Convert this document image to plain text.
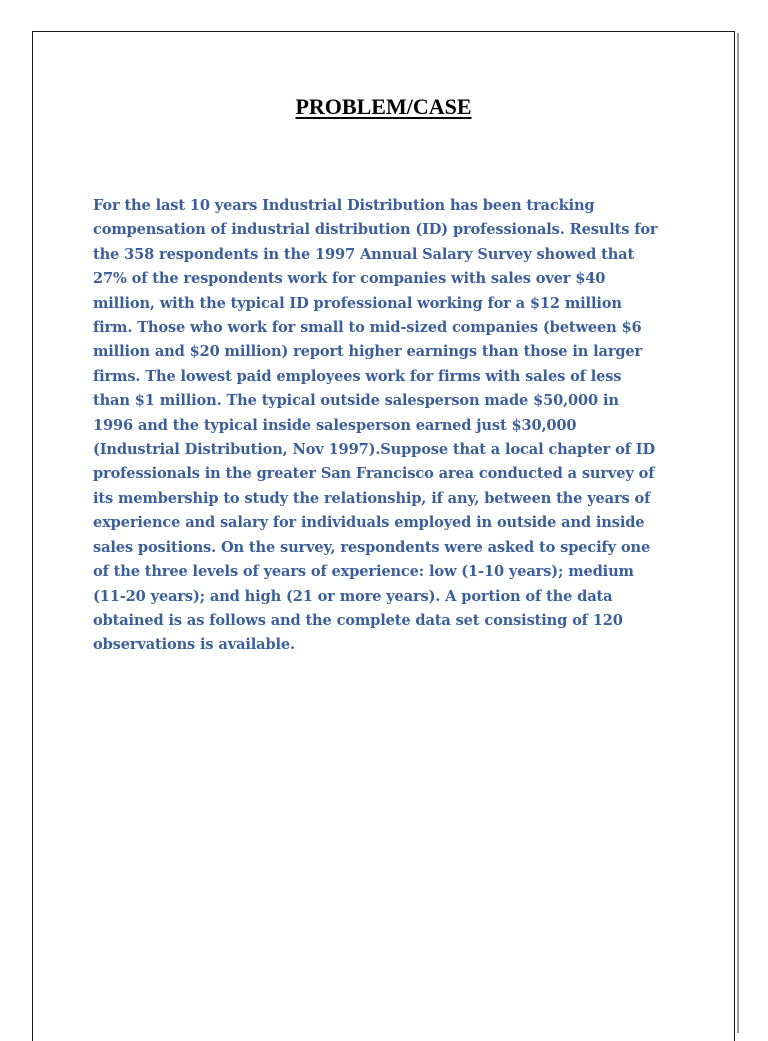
PROBLEM/CASE

For the last 10 years Industrial Distribution has been tracking
compensation of industrial distribution (ID) professionals. Results for
the 358 respondents in the 1997 Annual Salary Survey showed that
27% of the respondents work for companies with sales over $40
million, with the typical ID professional working for a $12 million
firm. Those who work for small to mid-sized companies (between $6
million and $20 million) report higher earnings than those in larger
firms. The lowest paid employees work for firms with sales of less
than $1 million. The typical outside salesperson made $50,000 in
1996 and the typical inside salesperson earned just $30,000
(Industrial Distribution, Nov 1997).Suppose that a local chapter of ID
professionals in the greater San Francisco area conducted a survey of
its membership to study the relationship, if any, between the years of
experience and salary for individuals employed in outside and inside
sales positions. On the survey, respondents were asked to specify one
of the three levels of years of experience: low (1-10 years); medium
(11-20 years); and high (21 or more years). A portion of the data
obtained is as follows and the complete data set consisting of 120
observations is available.
